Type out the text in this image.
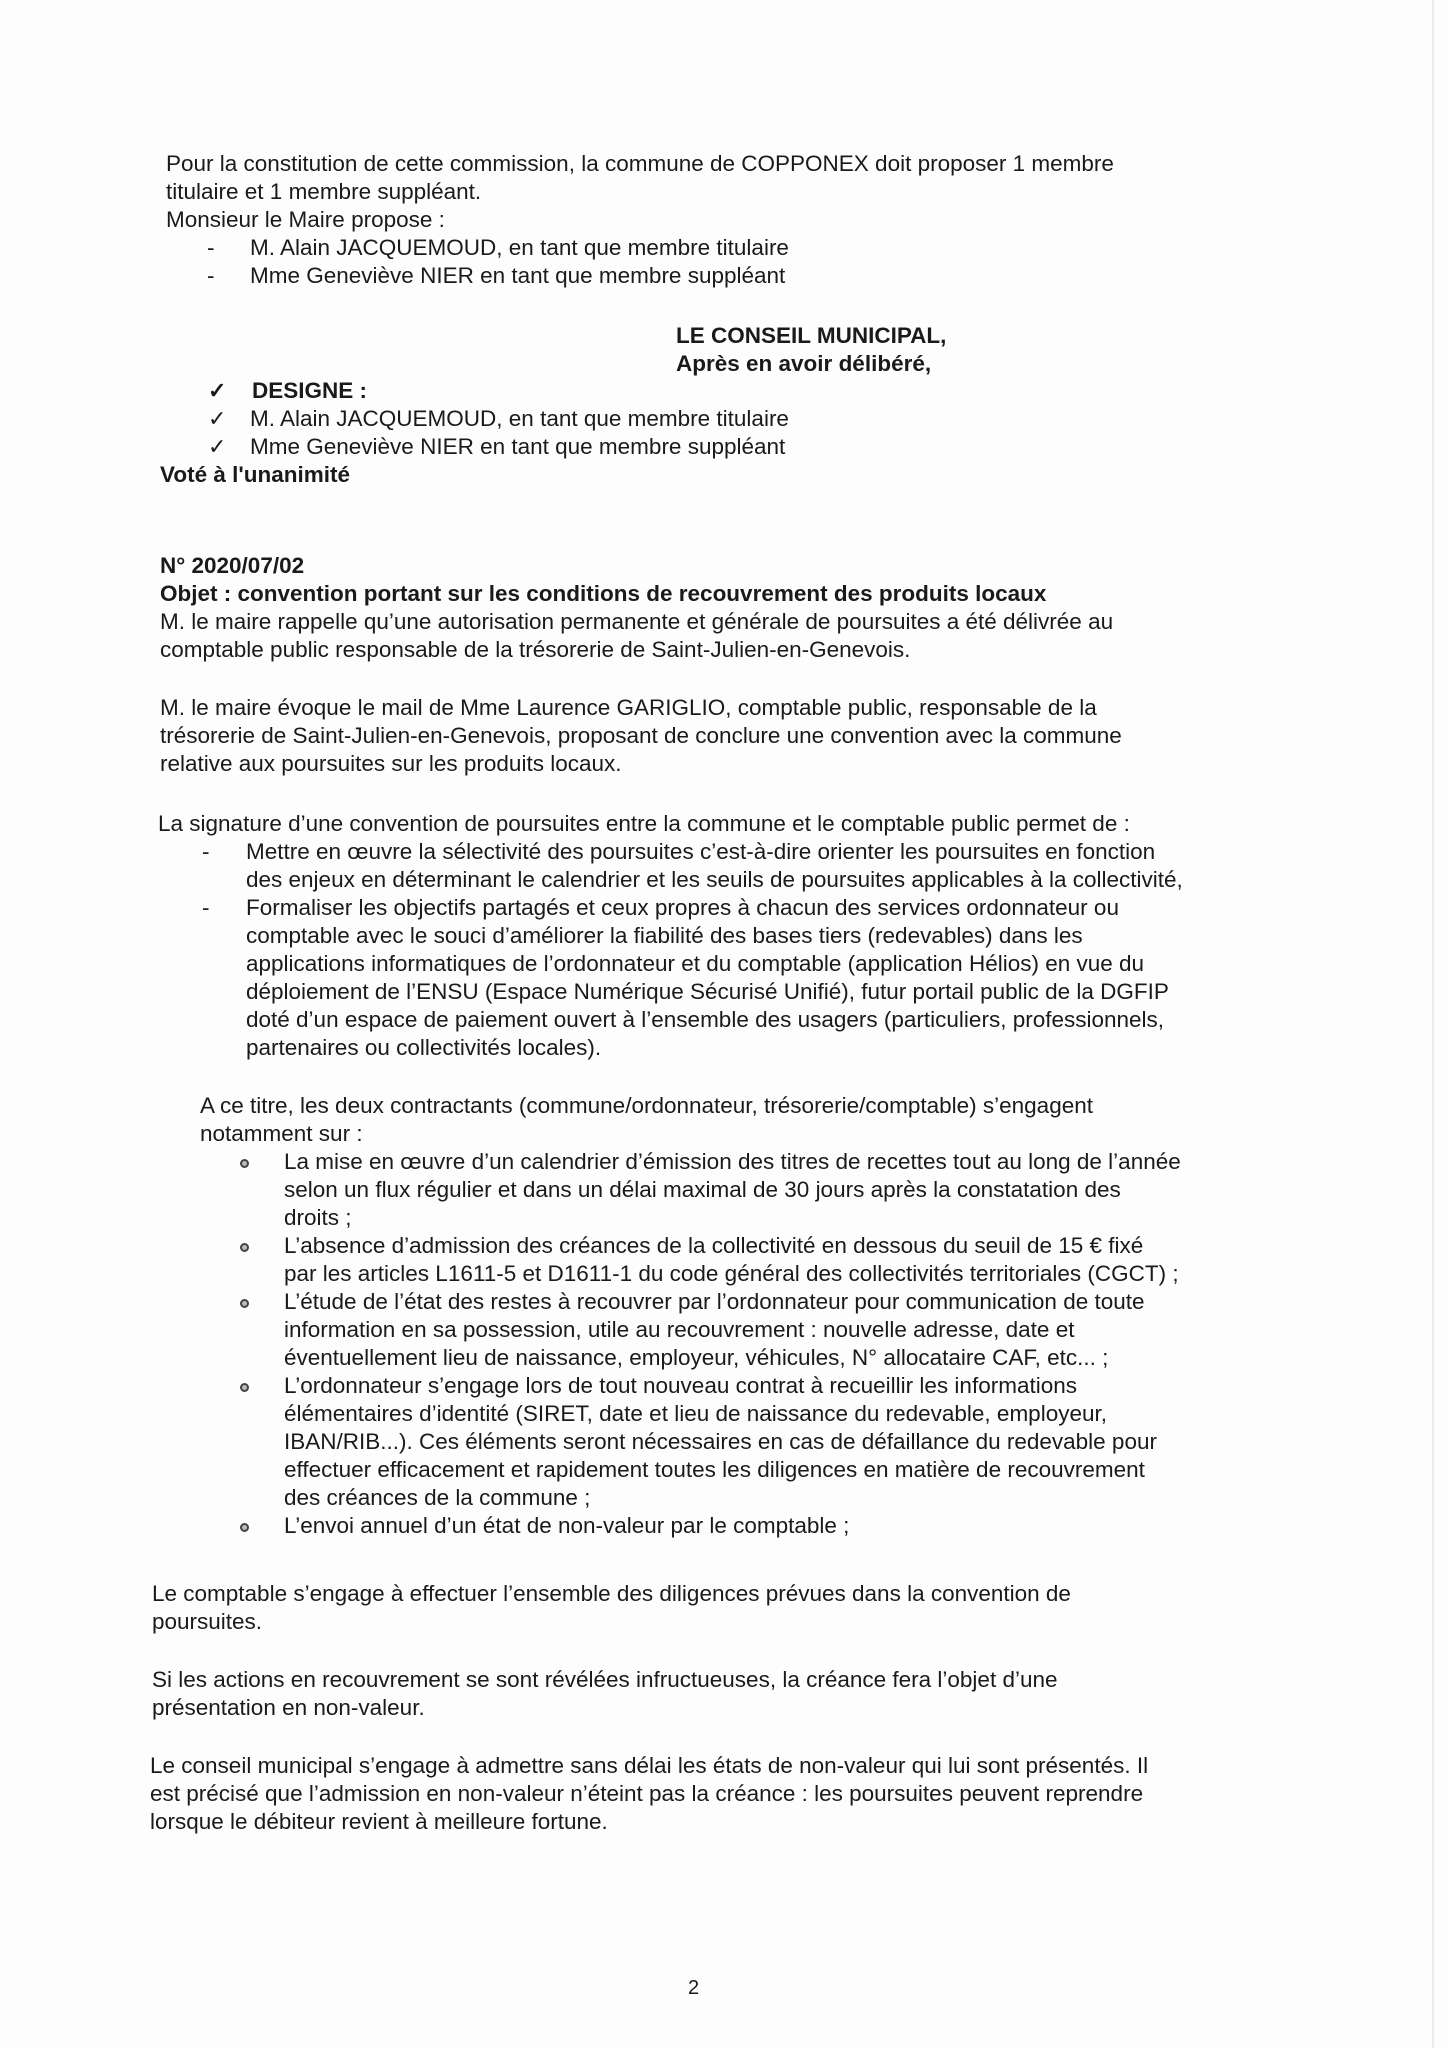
Pour la constitution de cette commission, la commune de COPPONEX doit proposer 1 membre
titulaire et 1 membre suppléant.
Monsieur le Maire propose :
- M. Alain JACQUEMOUD, en tant que membre titulaire
- Mme Geneviève NIER en tant que membre suppléant
LE CONSEIL MUNICIPAL,
Après en avoir délibéré,
✓ DESIGNE :
✓ M. Alain JACQUEMOUD, en tant que membre titulaire
✓ Mme Geneviève NIER en tant que membre suppléant
Voté à l'unanimité
N° 2020/07/02
Objet : convention portant sur les conditions de recouvrement des produits locaux
M. le maire rappelle qu’une autorisation permanente et générale de poursuites a été délivrée au
comptable public responsable de la trésorerie de Saint-Julien-en-Genevois.
M. le maire évoque le mail de Mme Laurence GARIGLIO, comptable public, responsable de la
trésorerie de Saint-Julien-en-Genevois, proposant de conclure une convention avec la commune
relative aux poursuites sur les produits locaux.
La signature d’une convention de poursuites entre la commune et le comptable public permet de :
- Mettre en œuvre la sélectivité des poursuites c’est-à-dire orienter les poursuites en fonction
des enjeux en déterminant le calendrier et les seuils de poursuites applicables à la collectivité,
- Formaliser les objectifs partagés et ceux propres à chacun des services ordonnateur ou
comptable avec le souci d’améliorer la fiabilité des bases tiers (redevables) dans les
applications informatiques de l’ordonnateur et du comptable (application Hélios) en vue du
déploiement de l’ENSU (Espace Numérique Sécurisé Unifié), futur portail public de la DGFIP
doté d’un espace de paiement ouvert à l’ensemble des usagers (particuliers, professionnels,
partenaires ou collectivités locales).
A ce titre, les deux contractants (commune/ordonnateur, trésorerie/comptable) s’engagent
notamment sur :
La mise en œuvre d’un calendrier d’émission des titres de recettes tout au long de l’année
selon un flux régulier et dans un délai maximal de 30 jours après la constatation des
droits ;
L’absence d’admission des créances de la collectivité en dessous du seuil de 15 € fixé
par les articles L1611-5 et D1611-1 du code général des collectivités territoriales (CGCT) ;
L’étude de l’état des restes à recouvrer par l’ordonnateur pour communication de toute
information en sa possession, utile au recouvrement : nouvelle adresse, date et
éventuellement lieu de naissance, employeur, véhicules, N° allocataire CAF, etc... ;
L’ordonnateur s’engage lors de tout nouveau contrat à recueillir les informations
élémentaires d’identité (SIRET, date et lieu de naissance du redevable, employeur,
IBAN/RIB...). Ces éléments seront nécessaires en cas de défaillance du redevable pour
effectuer efficacement et rapidement toutes les diligences en matière de recouvrement
des créances de la commune ;
L’envoi annuel d’un état de non-valeur par le comptable ;
Le comptable s’engage à effectuer l’ensemble des diligences prévues dans la convention de
poursuites.
Si les actions en recouvrement se sont révélées infructueuses, la créance fera l’objet d’une
présentation en non-valeur.
Le conseil municipal s’engage à admettre sans délai les états de non-valeur qui lui sont présentés. Il
est précisé que l’admission en non-valeur n’éteint pas la créance : les poursuites peuvent reprendre
lorsque le débiteur revient à meilleure fortune.
2
